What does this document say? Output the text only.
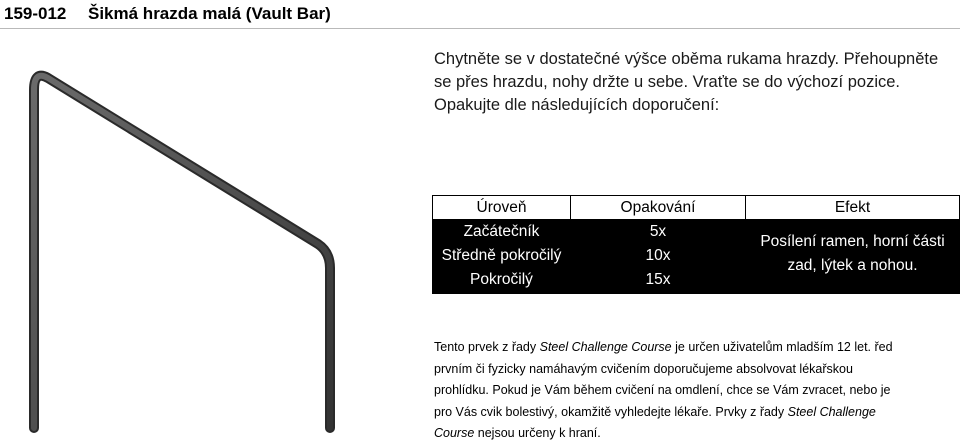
159-012 Šikmá hrazda malá (Vault Bar)

Chytněte se v dostatečné výšce oběma rukama hrazdy. Přehoupněte

se přes hrazdu, nohy držte u sebe. Vraťte se do výchozí pozice.

Opakujte dle následujících doporučení:

Úroveň	Opakování	Efekt
Začátečník
Středně pokročilý
Pokročilý
5x
10x
15x
Posílení ramen, horní části
zad, lýtek a nohou.

Tento prvek z řady Steel Challenge Course je určen uživatelům mladším 12 let. řed

prvním či fyzicky namáhavým cvičením doporučujeme absolvovat lékařskou

prohlídku. Pokud je Vám během cvičení na omdlení, chce se Vám zvracet, nebo je

pro Vás cvik bolestivý, okamžitě vyhledejte lékaře. Prvky z řady Steel Challenge

Course nejsou určeny k hraní.
